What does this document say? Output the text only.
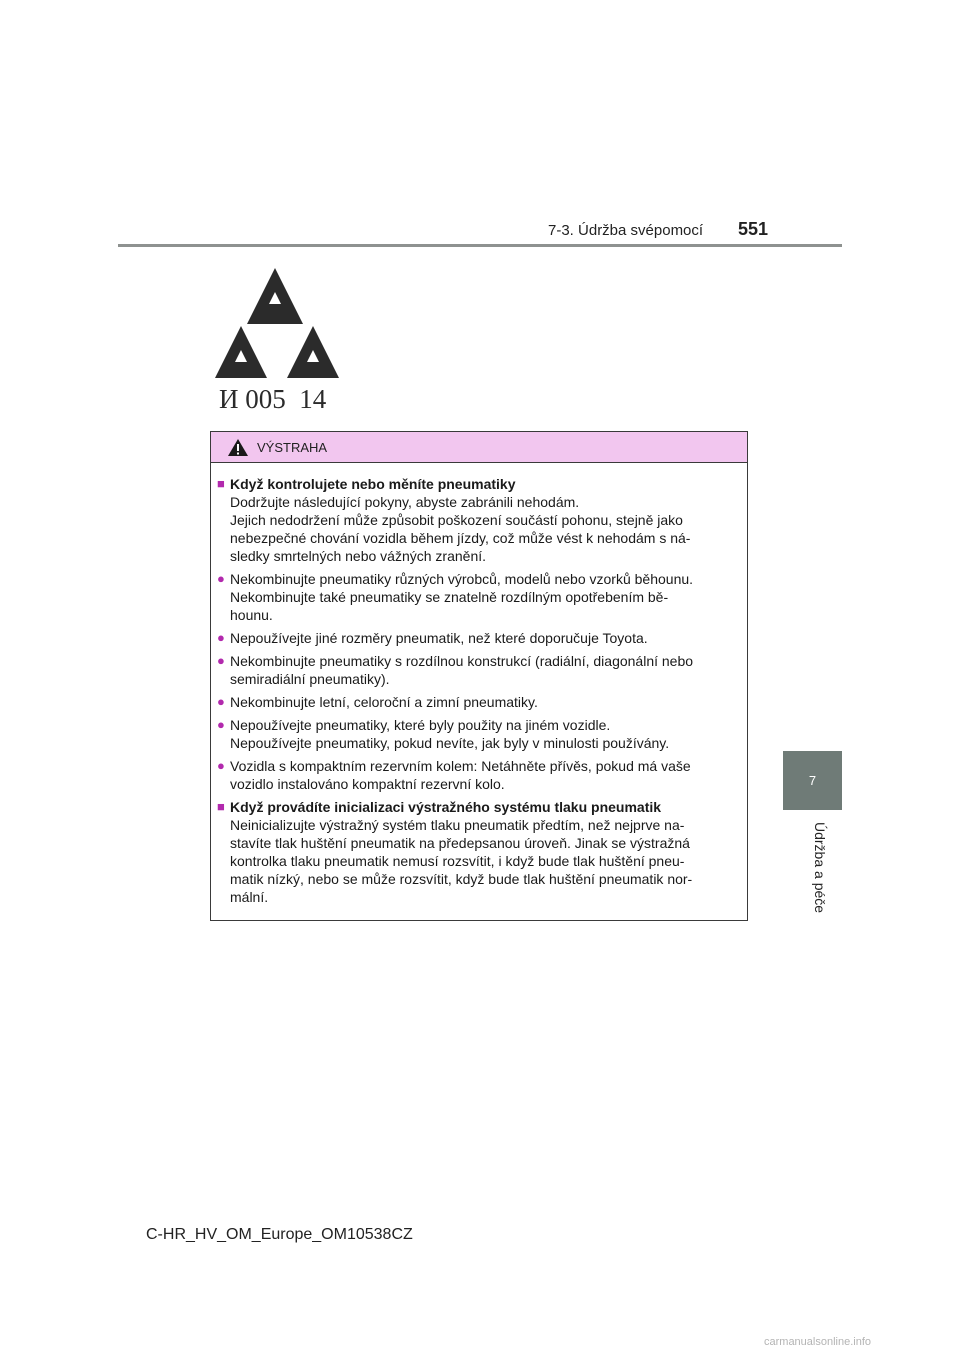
7-3. Údržba svépomocí 551
7
Údržba a péče
И 005  14
VÝSTRAHA
■ Když kontrolujete nebo měníte pneumatiky
Dodržujte následující pokyny, abyste zabránili nehodám.
Jejich nedodržení může způsobit poškození součástí pohonu, stejně jako
nebezpečné chování vozidla během jízdy, což může vést k nehodám s ná-
sledky smrtelných nebo vážných zranění.
● Nekombinujte pneumatiky různých výrobců, modelů nebo vzorků běhounu.
Nekombinujte také pneumatiky se znatelně rozdílným opotřebením bě-
hounu.
● Nepoužívejte jiné rozměry pneumatik, než které doporučuje Toyota.
● Nekombinujte pneumatiky s rozdílnou konstrukcí (radiální, diagonální nebo
semiradiální pneumatiky).
● Nekombinujte letní, celoroční a zimní pneumatiky.
● Nepoužívejte pneumatiky, které byly použity na jiném vozidle.
Nepoužívejte pneumatiky, pokud nevíte, jak byly v minulosti používány.
● Vozidla s kompaktním rezervním kolem: Netáhněte přívěs, pokud má vaše
vozidlo instalováno kompaktní rezervní kolo.
■ Když provádíte inicializaci výstražného systému tlaku pneumatik
Neinicializujte výstražný systém tlaku pneumatik předtím, než nejprve na-
stavíte tlak huštění pneumatik na předepsanou úroveň. Jinak se výstražná
kontrolka tlaku pneumatik nemusí rozsvítit, i když bude tlak huštění pneu-
matik nízký, nebo se může rozsvítit, když bude tlak huštění pneumatik nor-
mální.
C-HR_HV_OM_Europe_OM10538CZ
carmanualsonline.info
